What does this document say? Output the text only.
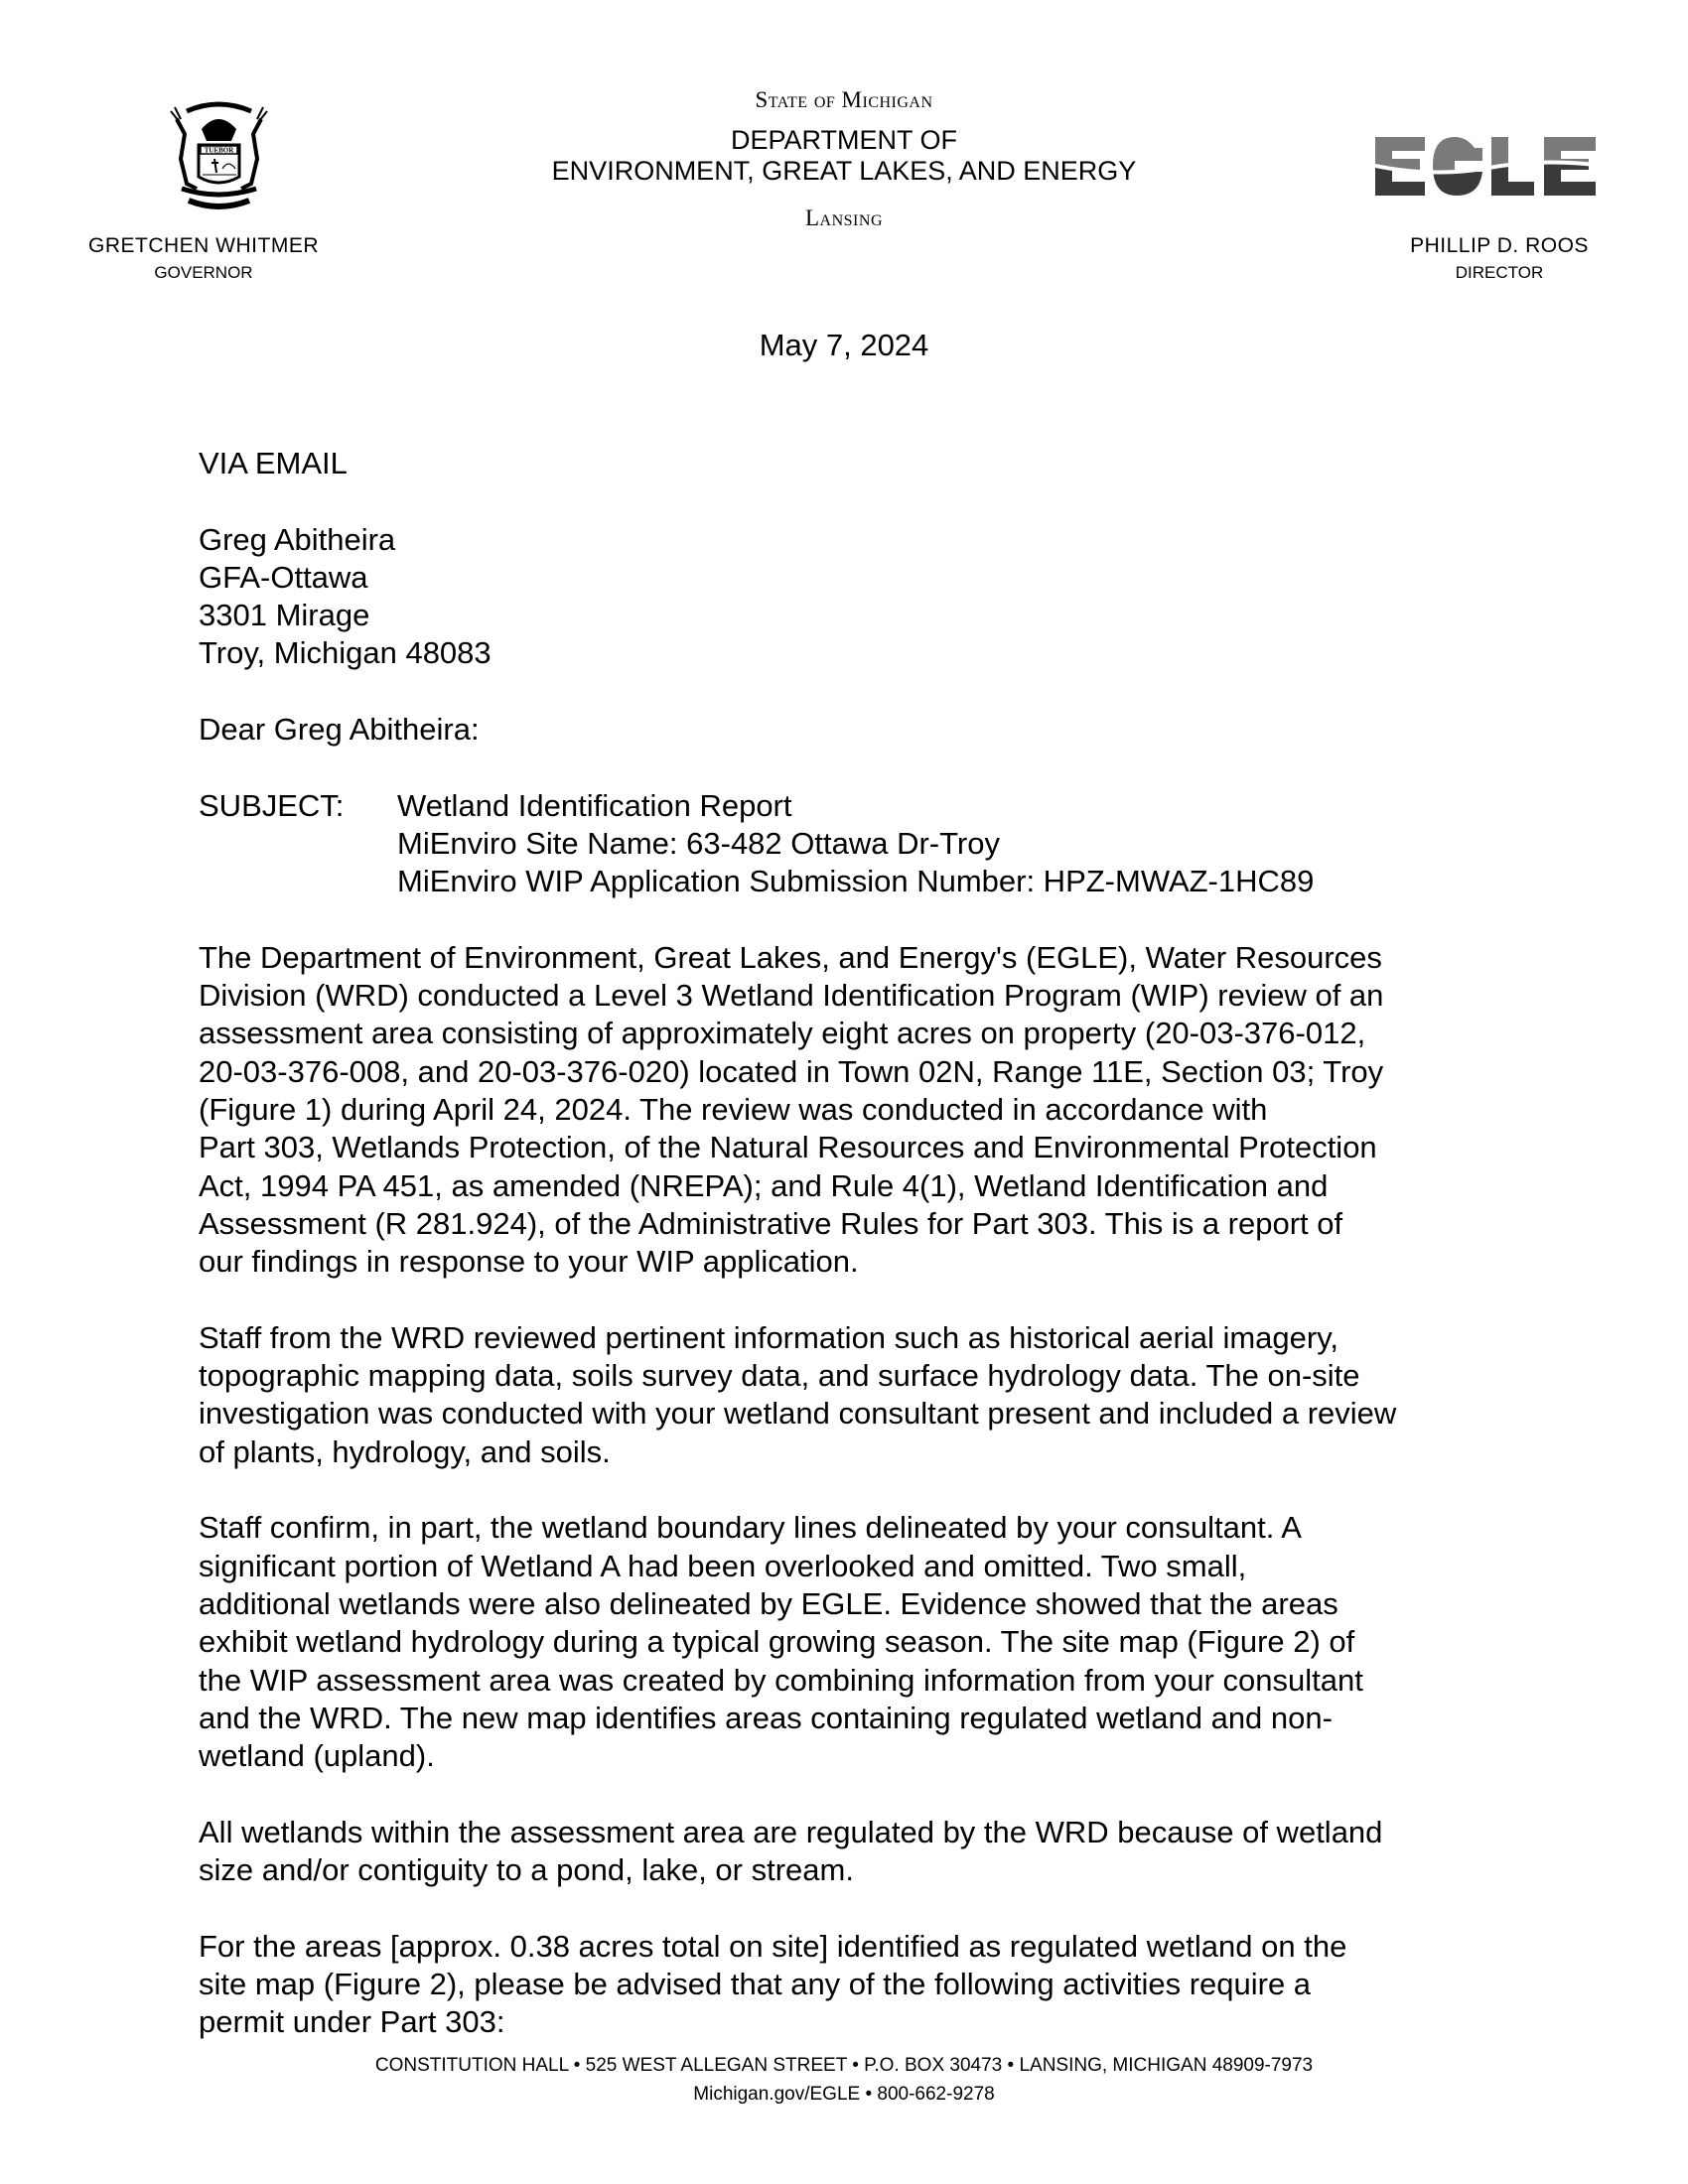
TUEBOR
GRETCHEN WHITMER
GOVERNOR
State of Michigan
DEPARTMENT OF
ENVIRONMENT, GREAT LAKES, AND ENERGY
Lansing
PHILLIP D. ROOS
DIRECTOR
May 7, 2024

VIA EMAIL

Greg Abitheira
GFA-Ottawa
3301 Mirage
Troy, Michigan 48083

Dear Greg Abitheira:

SUBJECT:	Wetland Identification Report
MiEnviro Site Name: 63-482 Ottawa Dr-Troy
MiEnviro WIP Application Submission Number: HPZ-MWAZ-1HC89
The Department of Environment, Great Lakes, and Energy's (EGLE), Water Resources
Division (WRD) conducted a Level 3 Wetland Identification Program (WIP) review of an
assessment area consisting of approximately eight acres on property (20-03-376-012,
20-03-376-008, and 20-03-376-020) located in Town 02N, Range 11E, Section 03; Troy
(Figure 1) during April 24, 2024. The review was conducted in accordance with
Part 303, Wetlands Protection, of the Natural Resources and Environmental Protection
Act, 1994 PA 451, as amended (NREPA); and Rule 4(1), Wetland Identification and
Assessment (R 281.924), of the Administrative Rules for Part 303. This is a report of
our findings in response to your WIP application.
Staff from the WRD reviewed pertinent information such as historical aerial imagery,
topographic mapping data, soils survey data, and surface hydrology data. The on-site
investigation was conducted with your wetland consultant present and included a review
of plants, hydrology, and soils.
Staff confirm, in part, the wetland boundary lines delineated by your consultant. A
significant portion of Wetland A had been overlooked and omitted. Two small,
additional wetlands were also delineated by EGLE. Evidence showed that the areas
exhibit wetland hydrology during a typical growing season. The site map (Figure 2) of
the WIP assessment area was created by combining information from your consultant
and the WRD. The new map identifies areas containing regulated wetland and non-
wetland (upland).
All wetlands within the assessment area are regulated by the WRD because of wetland
size and/or contiguity to a pond, lake, or stream.
For the areas [approx. 0.38 acres total on site] identified as regulated wetland on the
site map (Figure 2), please be advised that any of the following activities require a
permit under Part 303:
CONSTITUTION HALL • 525 WEST ALLEGAN STREET • P.O. BOX 30473 • LANSING, MICHIGAN 48909-7973
Michigan.gov/EGLE • 800-662-9278
